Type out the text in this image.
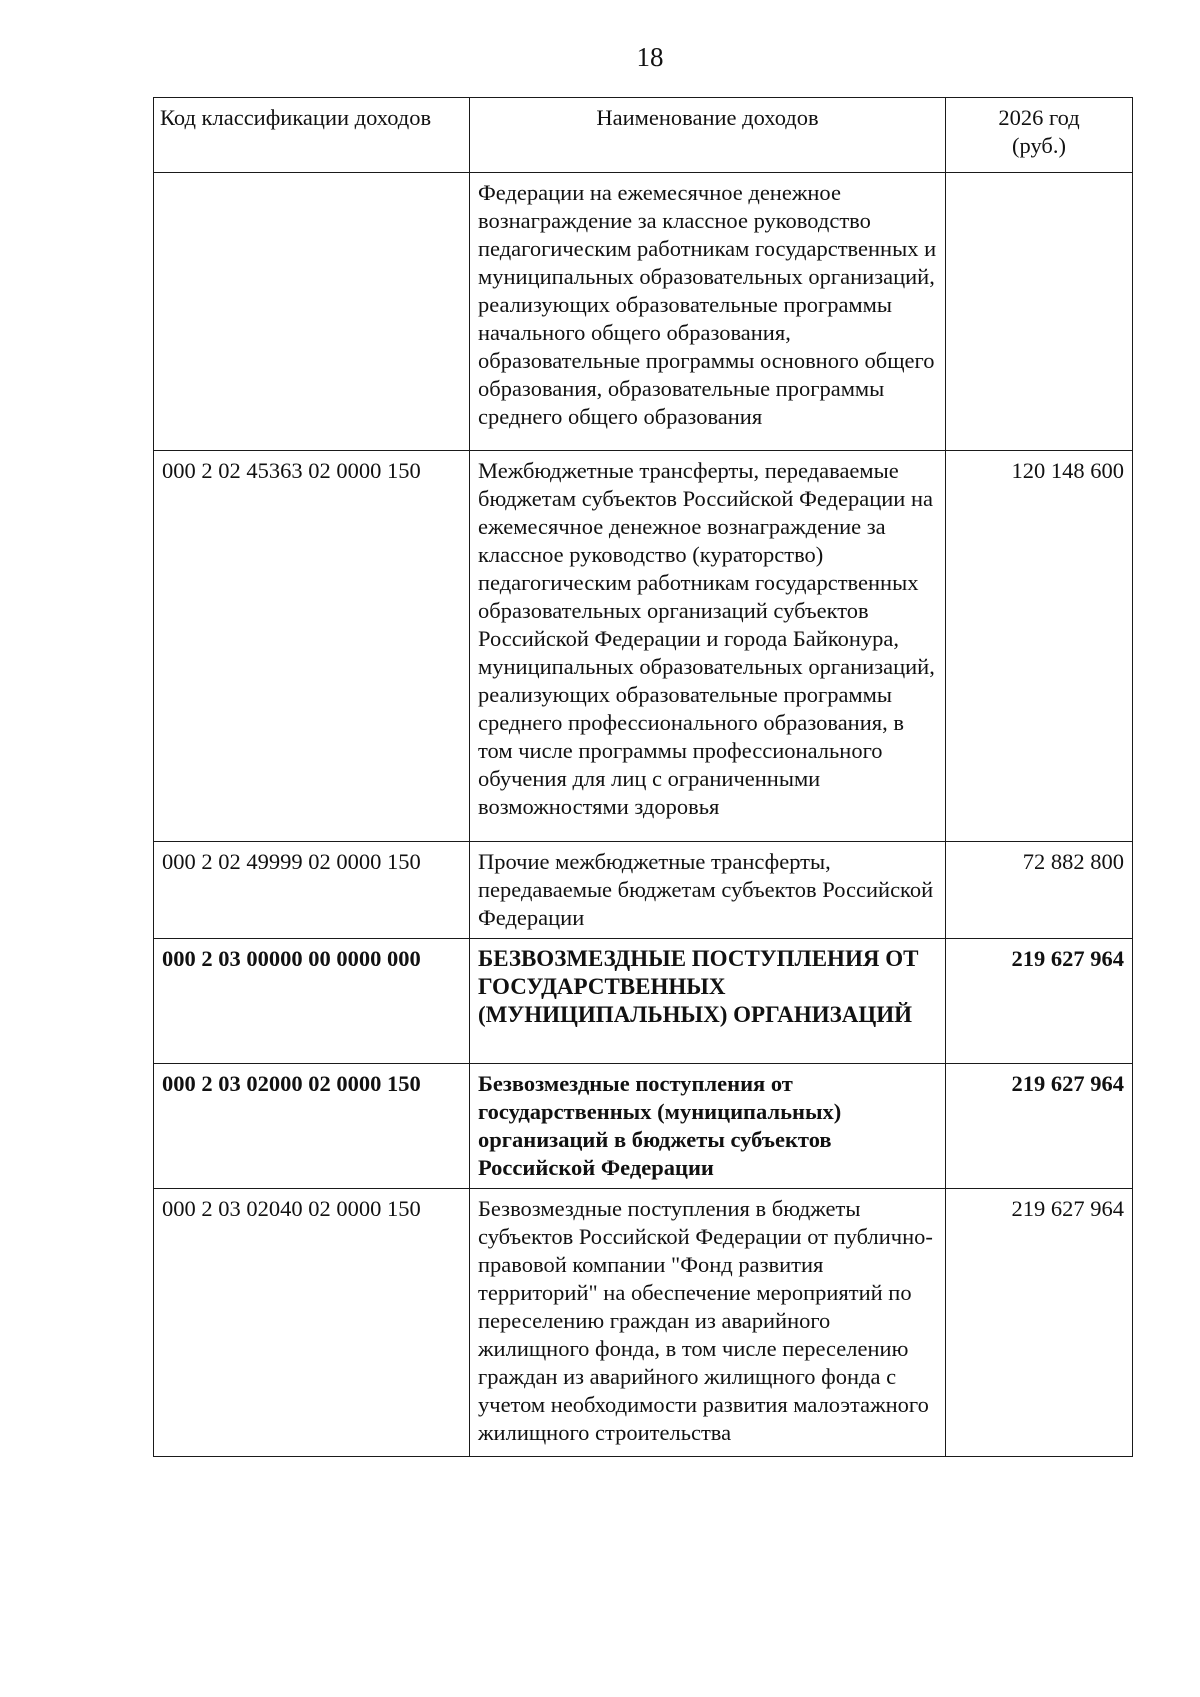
18
Код классификации доходов	Наименование доходов	2026 год
(руб.)

	Федерации на ежемесячное денежное вознаграждение за классное руководство педагогическим работникам государственных и муниципальных образовательных организаций, реализующих образовательные программы начального общего образования, образовательные программы основного общего образования, образовательные программы среднего общего образования	
000 2 02 45363 02 0000 150	Межбюджетные трансферты, передаваемые бюджетам субъектов Российской Федерации на ежемесячное денежное вознаграждение за классное руководство (кураторство) педагогическим работникам государственных образовательных организаций субъектов Российской Федерации и города Байконура, муниципальных образовательных организаций, реализующих образовательные программы среднего профессионального образования, в том числе программы профессионального обучения для лиц с ограниченными возможностями здоровья	120 148 600
000 2 02 49999 02 0000 150	Прочие межбюджетные трансферты, передаваемые бюджетам субъектов Российской Федерации	72 882 800
000 2 03 00000 00 0000 000	БЕЗВОЗМЕЗДНЫЕ ПОСТУПЛЕНИЯ ОТ ГОСУДАРСТВЕННЫХ (МУНИЦИПАЛЬНЫХ) ОРГАНИЗАЦИЙ	219 627 964
000 2 03 02000 02 0000 150	Безвозмездные поступления от государственных (муниципальных) организаций в бюджеты субъектов Российской Федерации	219 627 964
000 2 03 02040 02 0000 150	Безвозмездные поступления в бюджеты субъектов Российской Федерации от публично-правовой компании "Фонд развития территорий" на обеспечение мероприятий по переселению граждан из аварийного жилищного фонда, в том числе переселению граждан из аварийного жилищного фонда с учетом необходимости развития малоэтажного жилищного строительства	219 627 964
